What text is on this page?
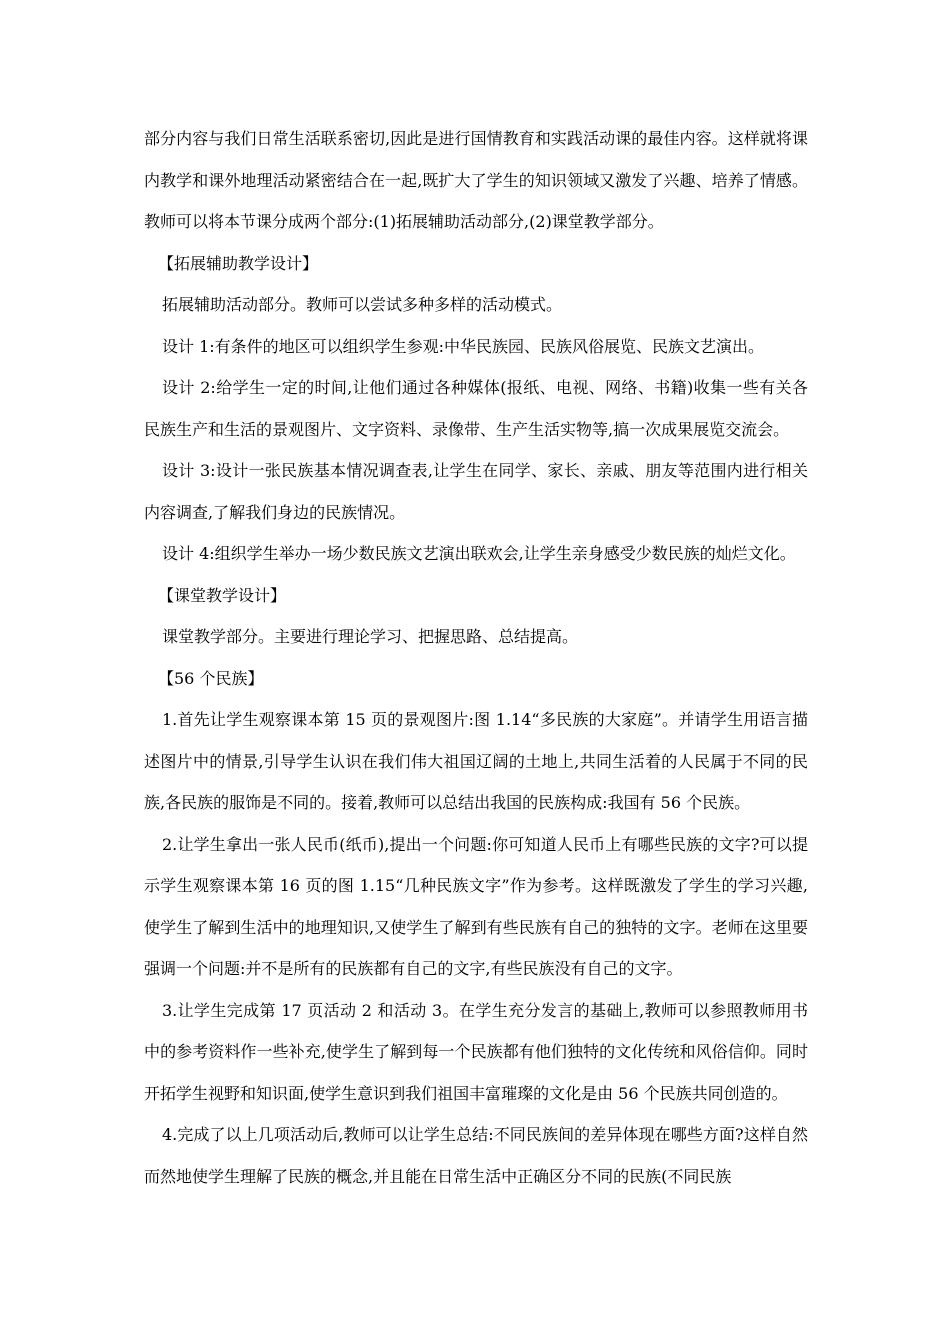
部分内容与我们日常生活联系密切,因此是进行国情教育和实践活动课的最佳内容。这样就将课内教学和课外地理活动紧密结合在一起,既扩大了学生的知识领域又激发了兴趣、培养了情感。教师可以将本节课分成两个部分:(1)拓展辅助活动部分,(2)课堂教学部分。

【拓展辅助教学设计】

拓展辅助活动部分。教师可以尝试多种多样的活动模式。

设计 1:有条件的地区可以组织学生参观:中华民族园、民族风俗展览、民族文艺演出。

设计 2:给学生一定的时间,让他们通过各种媒体(报纸、电视、网络、书籍)收集一些有关各民族生产和生活的景观图片、文字资料、录像带、生产生活实物等,搞一次成果展览交流会。

设计 3:设计一张民族基本情况调查表,让学生在同学、家长、亲戚、朋友等范围内进行相关内容调查,了解我们身边的民族情况。

设计 4:组织学生举办一场少数民族文艺演出联欢会,让学生亲身感受少数民族的灿烂文化。

【课堂教学设计】

课堂教学部分。主要进行理论学习、把握思路、总结提高。

【56 个民族】

1.首先让学生观察课本第 15 页的景观图片:图 1.14“多民族的大家庭”。并请学生用语言描述图片中的情景,引导学生认识在我们伟大祖国辽阔的土地上,共同生活着的人民属于不同的民族,各民族的服饰是不同的。接着,教师可以总结出我国的民族构成:我国有 56 个民族。

2.让学生拿出一张人民币(纸币),提出一个问题:你可知道人民币上有哪些民族的文字?可以提示学生观察课本第 16 页的图 1.15“几种民族文字”作为参考。这样既激发了学生的学习兴趣,使学生了解到生活中的地理知识,又使学生了解到有些民族有自己的独特的文字。老师在这里要强调一个问题:并不是所有的民族都有自己的文字,有些民族没有自己的文字。

3.让学生完成第 17 页活动 2 和活动 3。在学生充分发言的基础上,教师可以参照教师用书中的参考资料作一些补充,使学生了解到每一个民族都有他们独特的文化传统和风俗信仰。同时开拓学生视野和知识面,使学生意识到我们祖国丰富璀璨的文化是由 56 个民族共同创造的。

4.完成了以上几项活动后,教师可以让学生总结:不同民族间的差异体现在哪些方面?这样自然而然地使学生理解了民族的概念,并且能在日常生活中正确区分不同的民族(不同民族
